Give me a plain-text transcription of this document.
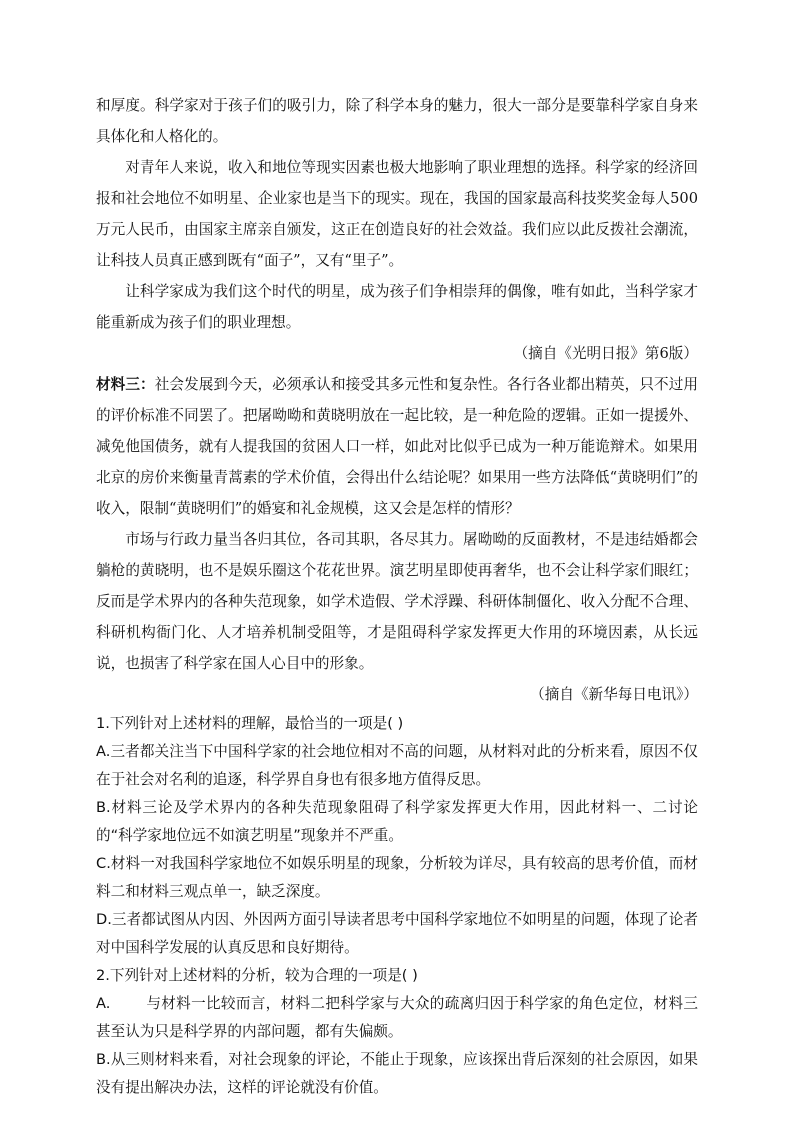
和厚度。科学家对于孩子们的吸引力，除了科学本身的魅力，很大一部分是要靠科学家自身来具体化和人格化的。

对青年人来说，收入和地位等现实因素也极大地影响了职业理想的选择。科学家的经济回报和社会地位不如明星、企业家也是当下的现实。现在，我国的国家最高科技奖奖金每人500万元人民币，由国家主席亲自颁发，这正在创造良好的社会效益。我们应以此反拨社会潮流，让科技人员真正感到既有“面子”，又有“里子”。

让科学家成为我们这个时代的明星，成为孩子们争相崇拜的偶像，唯有如此，当科学家才能重新成为孩子们的职业理想。

（摘自《光明日报》第6版）

材料三：社会发展到今天，必须承认和接受其多元性和复杂性。各行各业都出精英，只不过用的评价标准不同罢了。把屠呦呦和黄晓明放在一起比较，是一种危险的逻辑。正如一提援外、减免他国债务，就有人提我国的贫困人口一样，如此对比似乎已成为一种万能诡辩术。如果用北京的房价来衡量青蒿素的学术价值，会得出什么结论呢？如果用一些方法降低“黄晓明们”的收入，限制“黄晓明们”的婚宴和礼金规模，这又会是怎样的情形？

市场与行政力量当各归其位，各司其职，各尽其力。屠呦呦的反面教材，不是违结婚都会躺枪的黄晓明，也不是娱乐圈这个花花世界。演艺明星即使再奢华，也不会让科学家们眼红；反而是学术界内的各种失范现象，如学术造假、学术浮躁、科研体制僵化、收入分配不合理、科研机构衙门化、人才培养机制受阻等，才是阻碍科学家发挥更大作用的环境因素，从长远说，也损害了科学家在国人心目中的形象。

（摘自《新华每日电讯》）

1.下列针对上述材料的理解，最恰当的一项是( )

A.三者都关注当下中国科学家的社会地位相对不高的问题，从材料对此的分析来看，原因不仅在于社会对名利的追逐，科学界自身也有很多地方值得反思。

B.材料三论及学术界内的各种失范现象阻碍了科学家发挥更大作用，因此材料一、二讨论的“科学家地位远不如演艺明星”现象并不严重。

C.材料一对我国科学家地位不如娱乐明星的现象，分析较为详尽，具有较高的思考价值，而材料二和材料三观点单一，缺乏深度。

D.三者都试图从内因、外因两方面引导读者思考中国科学家地位不如明星的问题，体现了论者对中国科学发展的认真反思和良好期待。

2.下列针对上述材料的分析，较为合理的一项是( )

A. 与材料一比较而言，材料二把科学家与大众的疏离归因于科学家的角色定位，材料三甚至认为只是科学界的内部问题，都有失偏颇。

B.从三则材料来看，对社会现象的评论，不能止于现象，应该探出背后深刻的社会原因，如果没有提出解决办法，这样的评论就没有价值。
